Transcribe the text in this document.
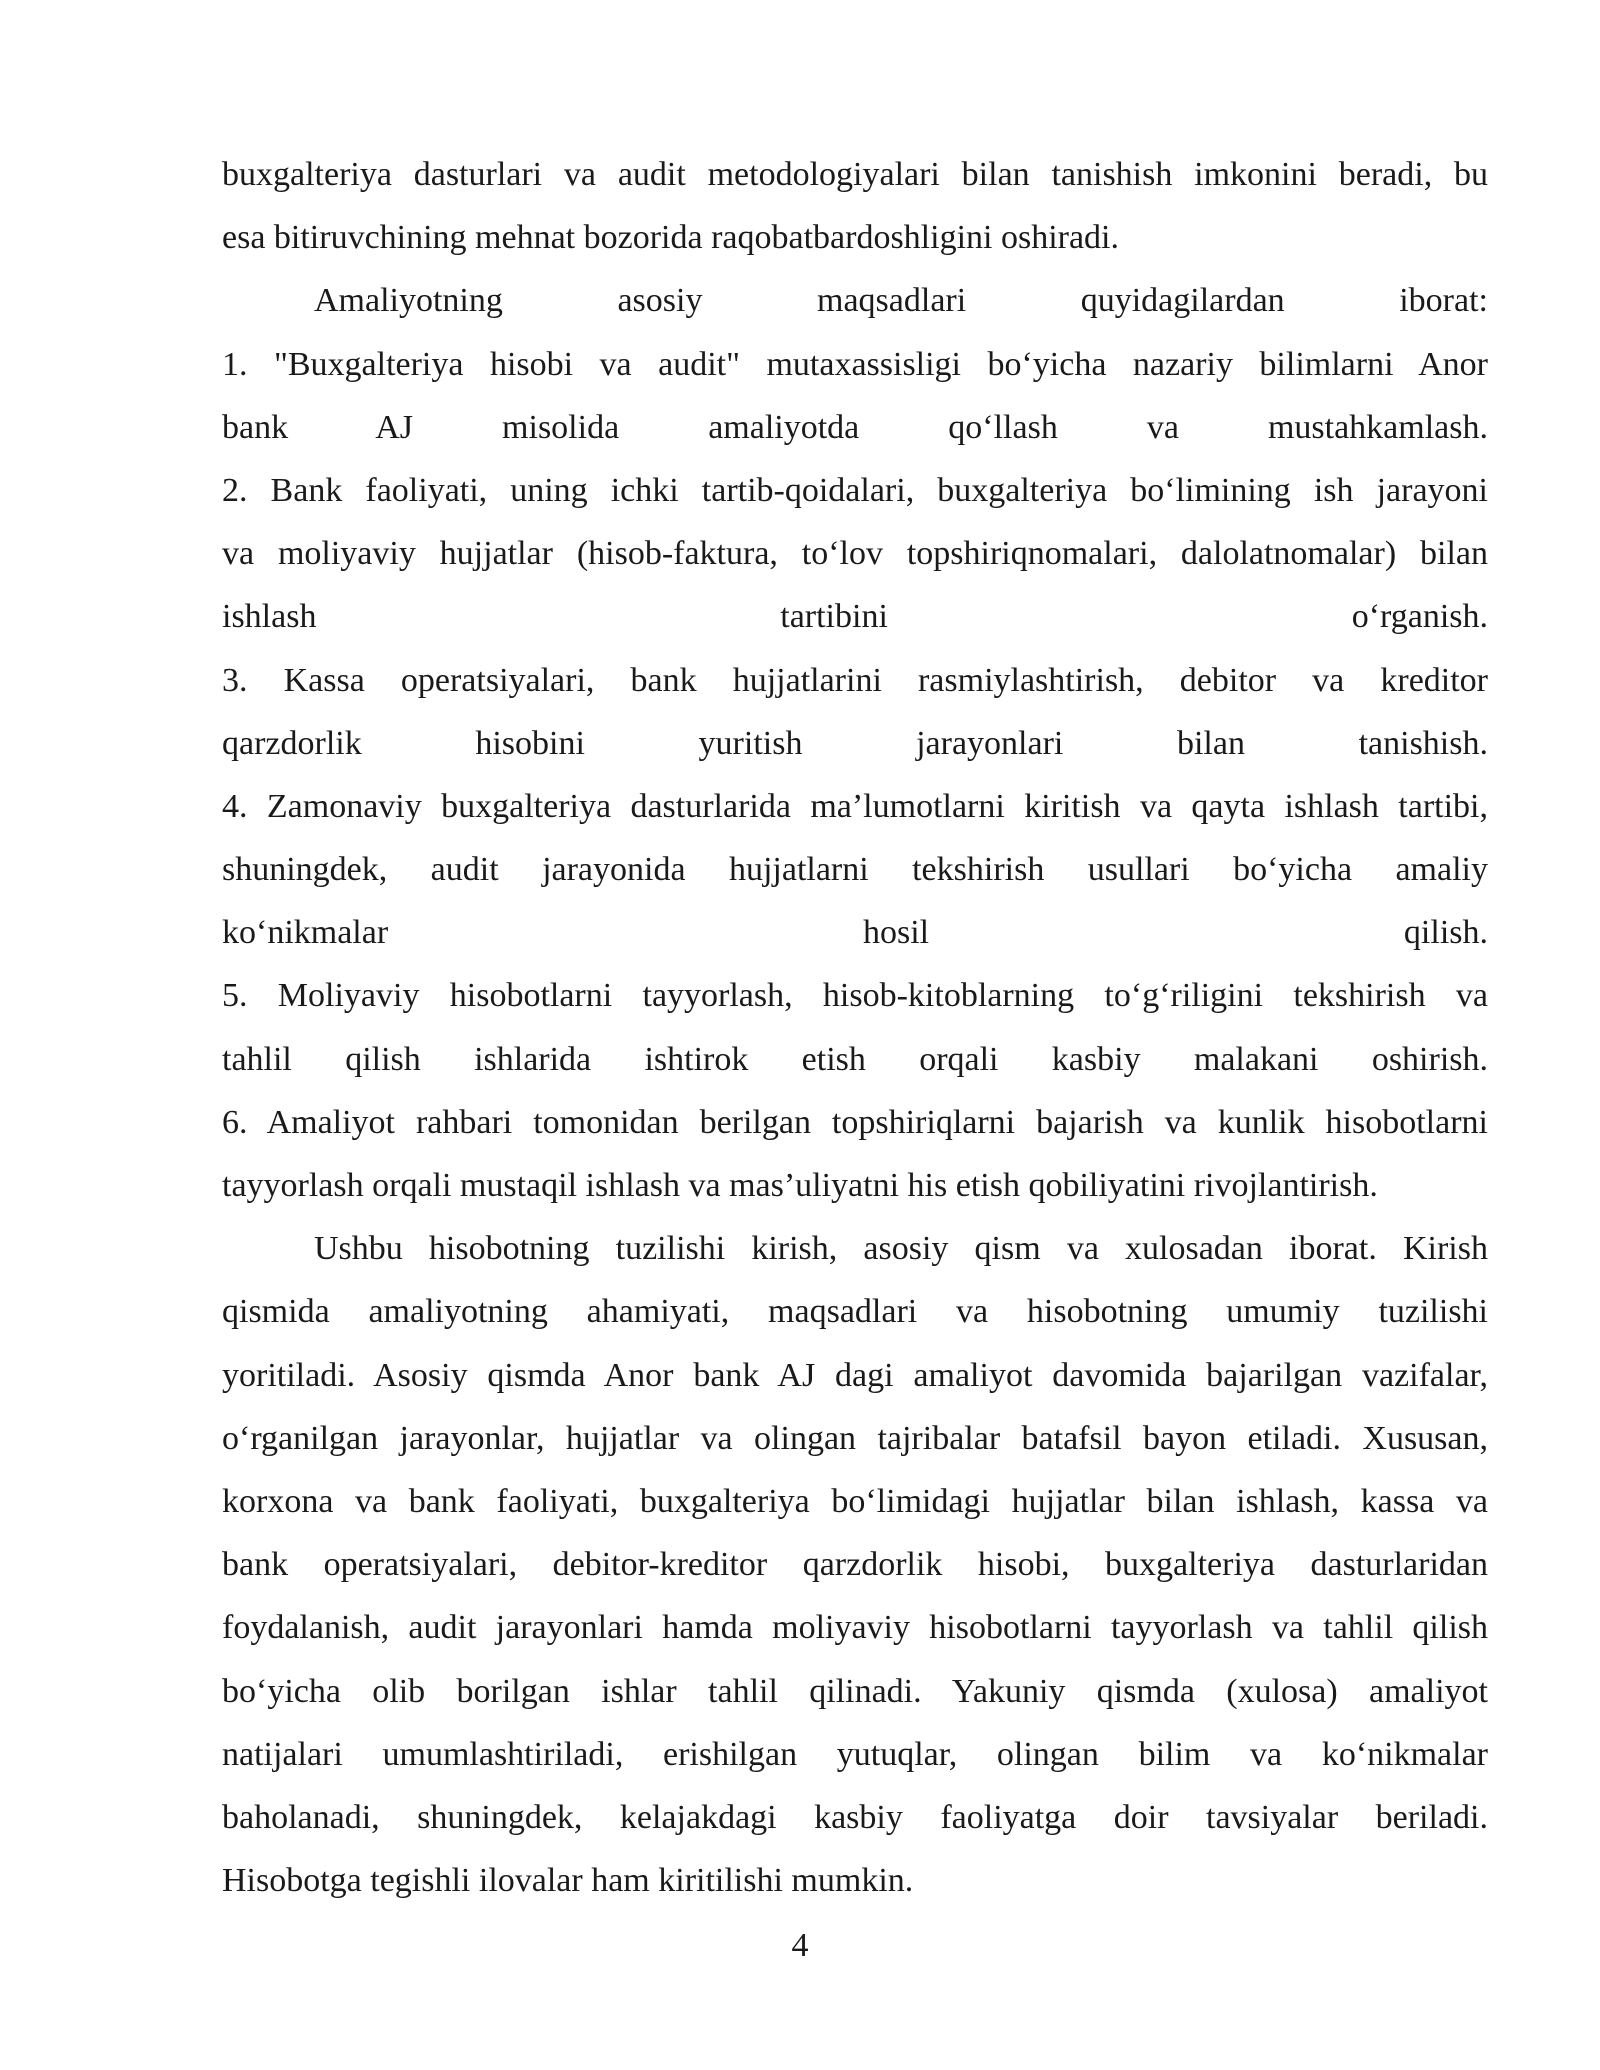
buxgalteriya dasturlari va audit metodologiyalari bilan tanishish imkonini beradi, bu
esa bitiruvchining mehnat bozorida raqobatbardoshligini oshiradi.
Amaliyotning asosiy maqsadlari quyidagilardan iborat:
1. "Buxgalteriya hisobi va audit" mutaxassisligi bo‘yicha nazariy bilimlarni Anor
bank AJ misolida amaliyotda qo‘llash va mustahkamlash.
2. Bank faoliyati, uning ichki tartib-qoidalari, buxgalteriya bo‘limining ish jarayoni
va moliyaviy hujjatlar (hisob-faktura, to‘lov topshiriqnomalari, dalolatnomalar) bilan
ishlash tartibini o‘rganish.
3. Kassa operatsiyalari, bank hujjatlarini rasmiylashtirish, debitor va kreditor
qarzdorlik hisobini yuritish jarayonlari bilan tanishish.
4. Zamonaviy buxgalteriya dasturlarida ma’lumotlarni kiritish va qayta ishlash tartibi,
shuningdek, audit jarayonida hujjatlarni tekshirish usullari bo‘yicha amaliy
ko‘nikmalar hosil qilish.
5. Moliyaviy hisobotlarni tayyorlash, hisob-kitoblarning to‘g‘riligini tekshirish va
tahlil qilish ishlarida ishtirok etish orqali kasbiy malakani oshirish.
6. Amaliyot rahbari tomonidan berilgan topshiriqlarni bajarish va kunlik hisobotlarni
tayyorlash orqali mustaqil ishlash va mas’uliyatni his etish qobiliyatini rivojlantirish.
Ushbu hisobotning tuzilishi kirish, asosiy qism va xulosadan iborat. Kirish
qismida amaliyotning ahamiyati, maqsadlari va hisobotning umumiy tuzilishi
yoritiladi. Asosiy qismda Anor bank AJ dagi amaliyot davomida bajarilgan vazifalar,
o‘rganilgan jarayonlar, hujjatlar va olingan tajribalar batafsil bayon etiladi. Xususan,
korxona va bank faoliyati, buxgalteriya bo‘limidagi hujjatlar bilan ishlash, kassa va
bank operatsiyalari, debitor-kreditor qarzdorlik hisobi, buxgalteriya dasturlaridan
foydalanish, audit jarayonlari hamda moliyaviy hisobotlarni tayyorlash va tahlil qilish
bo‘yicha olib borilgan ishlar tahlil qilinadi. Yakuniy qismda (xulosa) amaliyot
natijalari umumlashtiriladi, erishilgan yutuqlar, olingan bilim va ko‘nikmalar
baholanadi, shuningdek, kelajakdagi kasbiy faoliyatga doir tavsiyalar beriladi.
Hisobotga tegishli ilovalar ham kiritilishi mumkin.
4
